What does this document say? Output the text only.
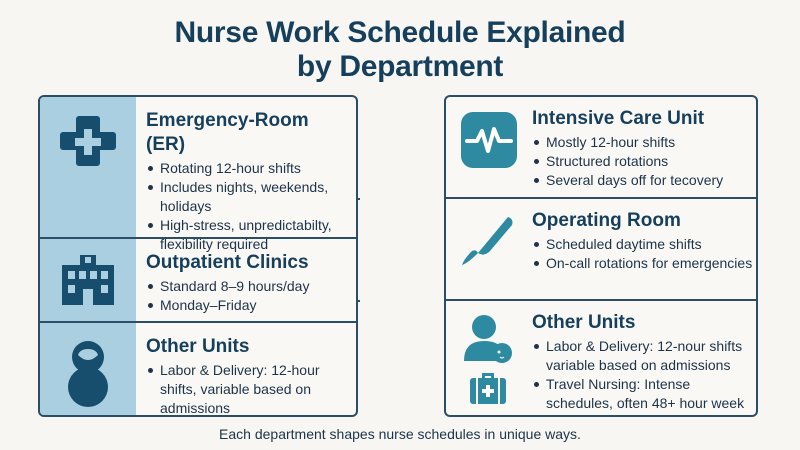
Nurse Work Schedule Explained
by Department
Emergency-Room (ER)
Rotating 12-hour shifts
Includes nights, weekends, holidays
High-stress, unpredictabilty, flexibility required
Outpatient Clinics
Standard 8–9 hours/day
Monday–Friday
Other Units
Labor & Delivery: 12-hour shifts, variable based on admissions
Intensive Care Unit
Mostly 12-hour shifts
Structured rotations
Several days off for tecovery
Operating Room
Scheduled daytime shifts
On-call rotations for emergencies
Other Units
Labor & Delivery: 12-nour shifts variable based on admissions
Travel Nursing: Intense schedules, often 48+ hour week
Each department shapes nurse schedules in unique ways.
